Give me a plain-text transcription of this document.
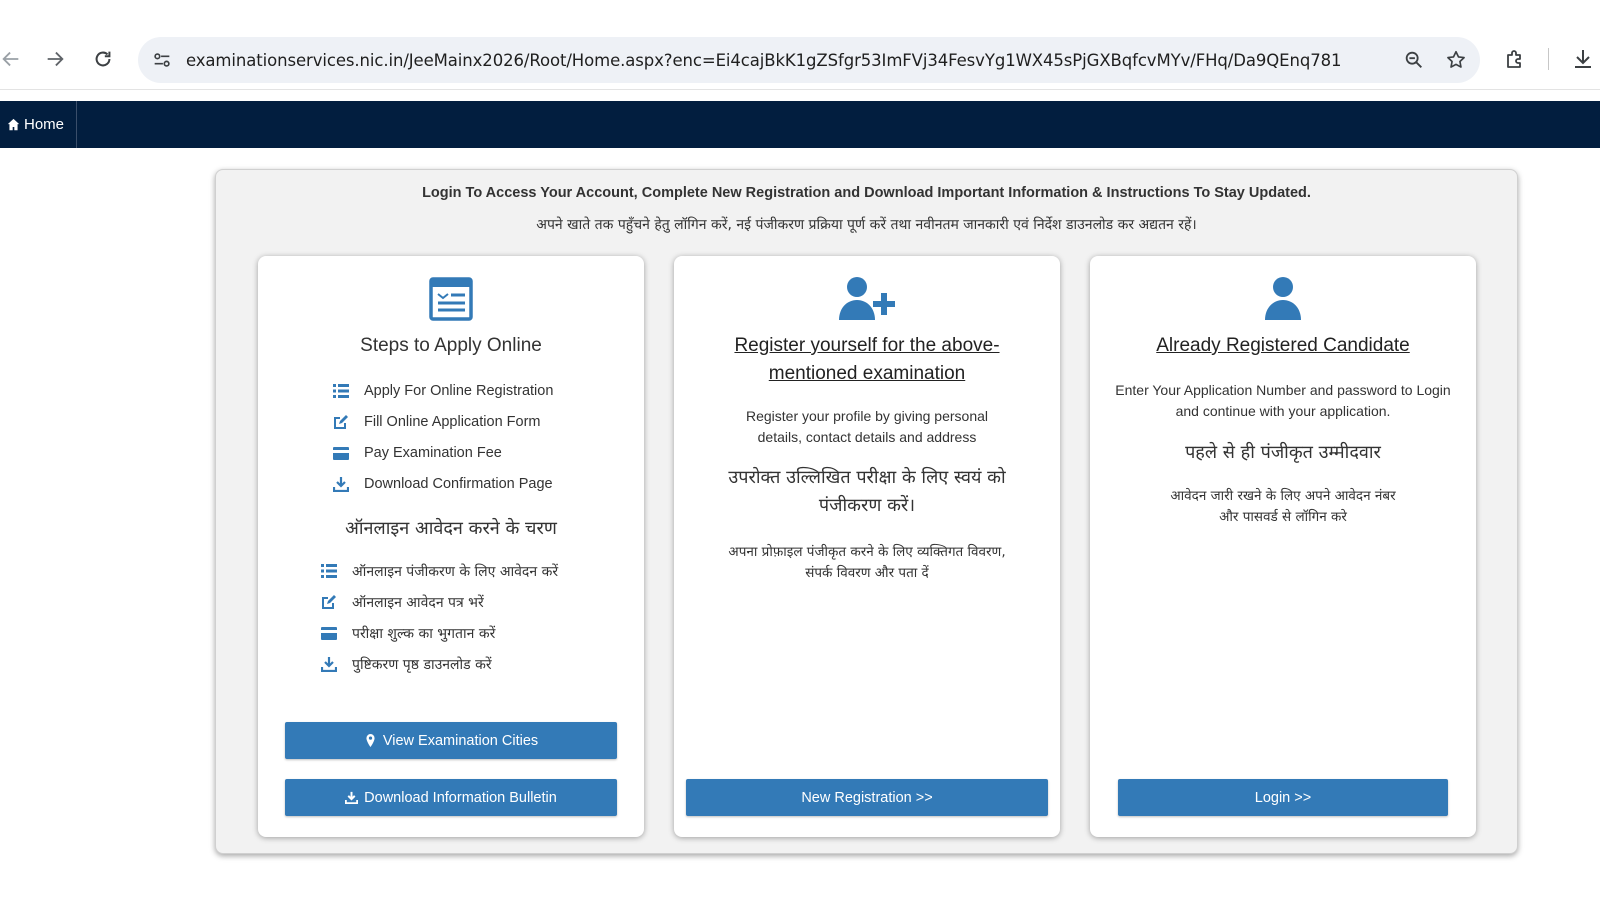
examinationservices.nic.in/JeeMainx2026/Root/Home.aspx?enc=Ei4cajBkK1gZSfgr53ImFVj34FesvYg1WX45sPjGXBqfcvMYv/FHq/Da9QEnq781
Home
Login To Access Your Account, Complete New Registration and Download Important Information & Instructions To Stay Updated.
अपने खाते तक पहुँचने हेतु लॉगिन करें, नई पंजीकरण प्रक्रिया पूर्ण करें तथा नवीनतम जानकारी एवं निर्देश डाउनलोड कर अद्यतन रहें।
Steps to Apply Online
Apply For Online Registration
Fill Online Application Form
Pay Examination Fee
Download Confirmation Page
ऑनलाइन आवेदन करने के चरण
ऑनलाइन पंजीकरण के लिए आवेदन करें
ऑनलाइन आवेदन पत्र भरें
परीक्षा शुल्क का भुगतान करें
पुष्टिकरण पृष्ठ डाउनलोड करें
View Examination Cities
Download Information Bulletin
Register yourself for the above-mentioned examination
Register your profile by giving personal details, contact details and address
उपरोक्त उल्लिखित परीक्षा के लिए स्वयं को पंजीकरण करें।
अपना प्रोफ़ाइल पंजीकृत करने के लिए व्यक्तिगत विवरण, संपर्क विवरण और पता दें
New Registration >>
Already Registered Candidate
Enter Your Application Number and password to Login and continue with your application.
पहले से ही पंजीकृत उम्मीदवार
आवेदन जारी रखने के लिए अपने आवेदन नंबर और पासवर्ड से लॉगिन करे
Login >>
